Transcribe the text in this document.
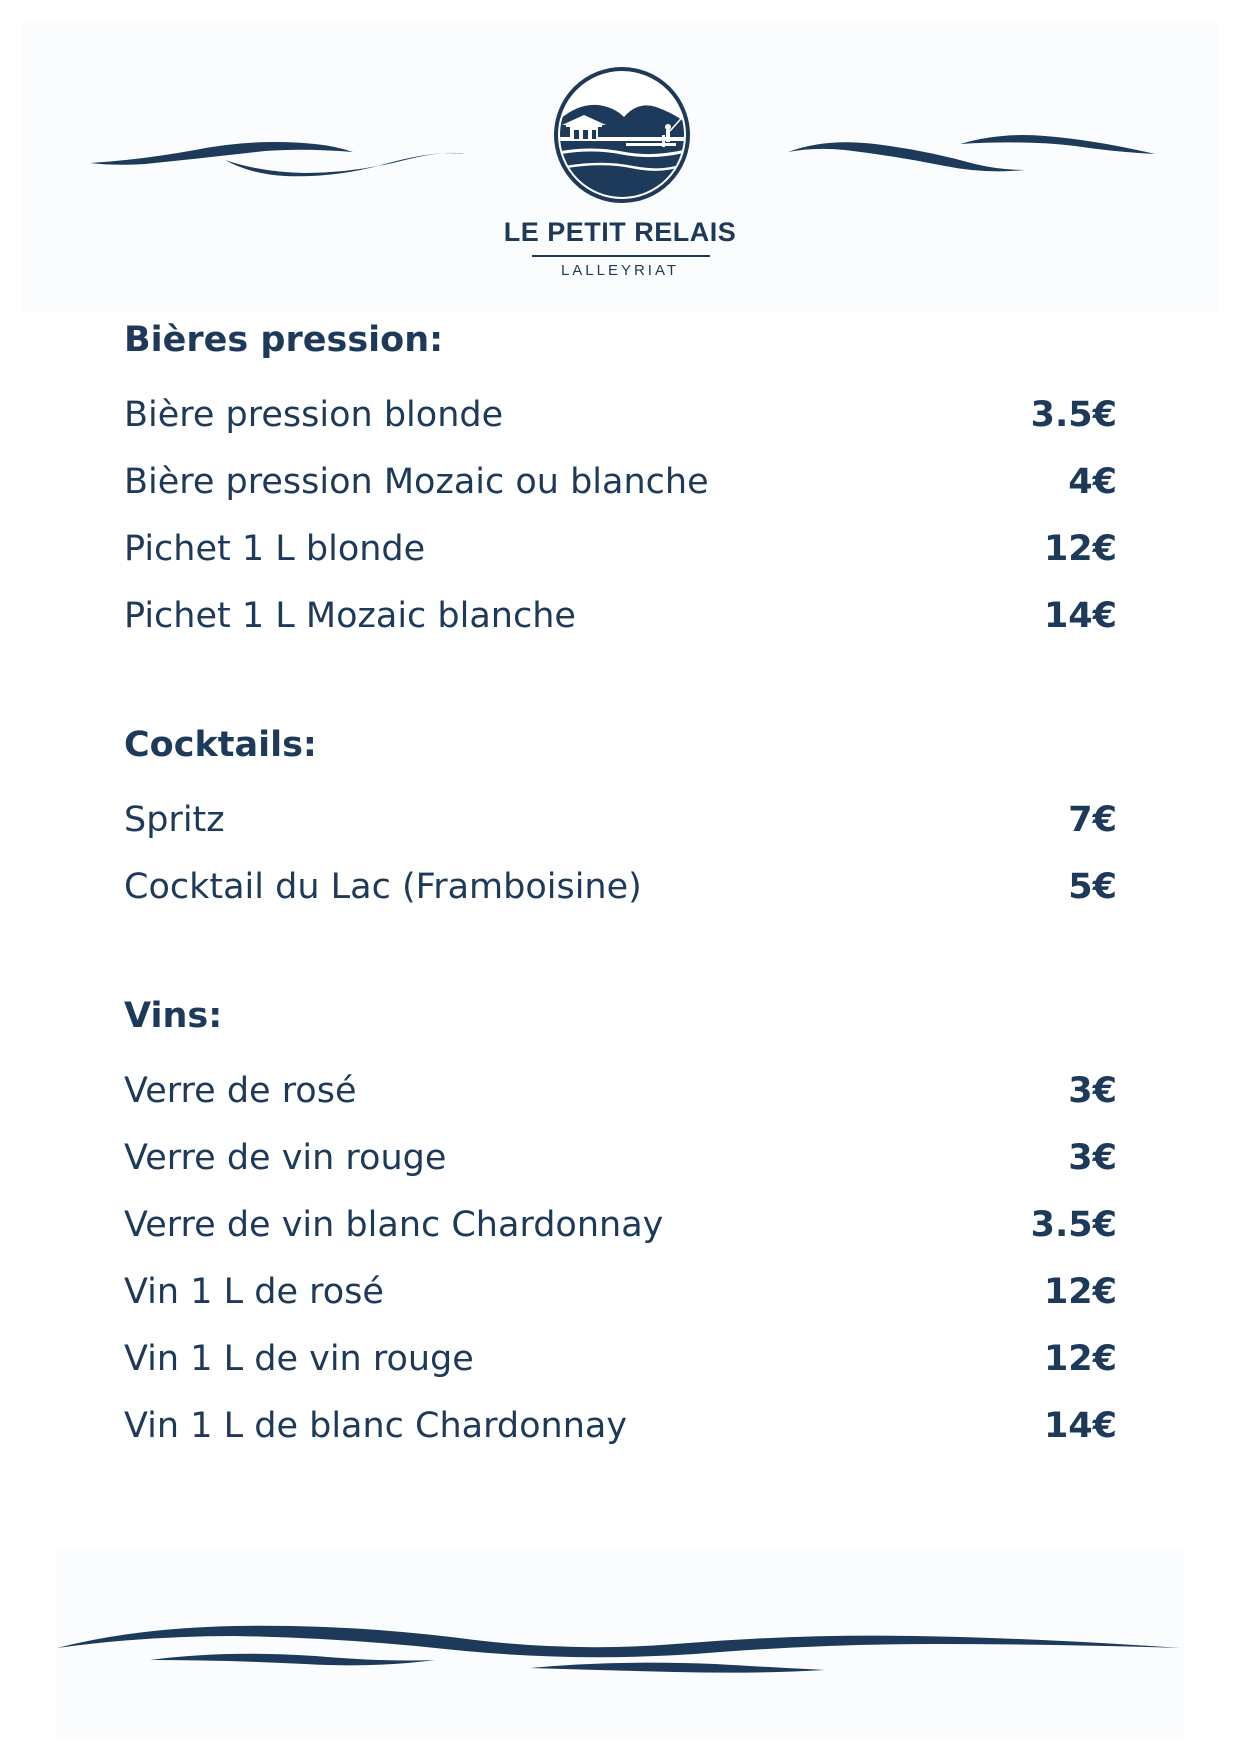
LE PETIT RELAIS
LALLEYRIAT
Bières pression:
Bière pression blonde	3.5€
Bière pression Mozaic ou blanche	4€
Pichet 1 L blonde	12€
Pichet 1 L Mozaic blanche	14€
Cocktails:
Spritz	7€
Cocktail du Lac (Framboisine)	5€
Vins:
Verre de rosé	3€
Verre de vin rouge	3€
Verre de vin blanc Chardonnay	3.5€
Vin 1 L de rosé	12€
Vin 1 L de vin rouge	12€
Vin 1 L de blanc Chardonnay	14€
